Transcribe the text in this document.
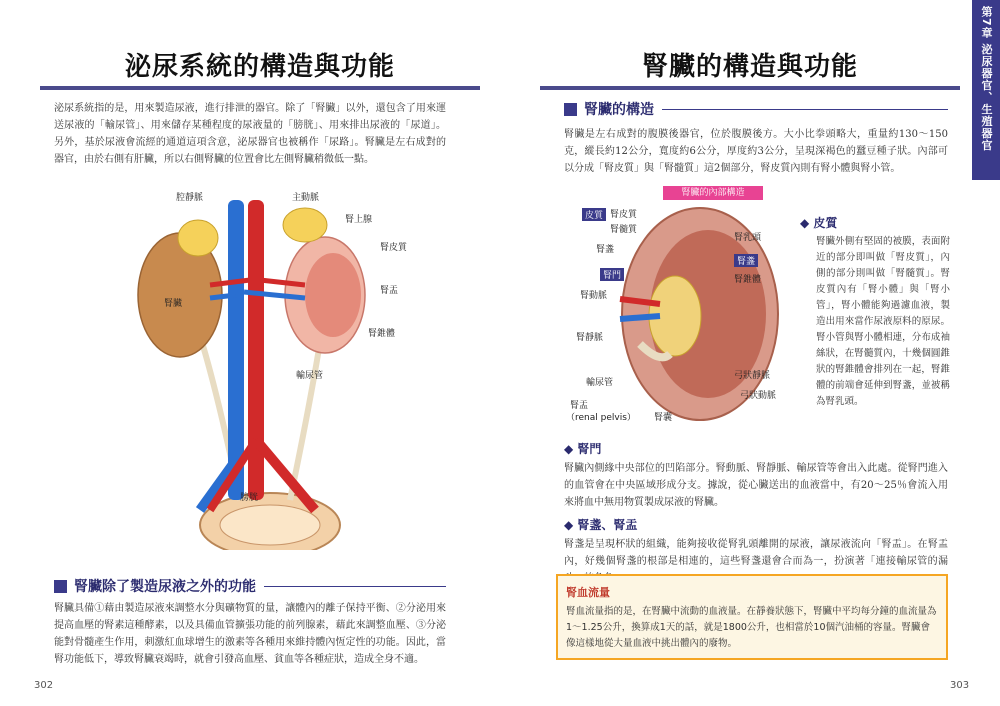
泌尿系統的構造與功能
泌尿系統指的是，用來製造尿液，進行排泄的器官。除了「腎臟」以外，還包含了用來運送尿液的「輸尿管」、用來儲存某種程度的尿液量的「膀胱」、用來排出尿液的「尿道」。另外，基於尿液會流經的通道這項含意，泌尿器官也被稱作「尿路」。腎臟是左右成對的器官，由於右側有肝臟，所以右側腎臟的位置會比左側腎臟稍微低一點。
腔靜脈	主動脈
腎上腺
腎皮質
腎盂
腎錐體
腎臟
輸尿管
膀胱
腎臟除了製造尿液之外的功能
腎臟具備①藉由製造尿液來調整水分與礦物質的量，讓體內的離子保持平衡、②分泌用來提高血壓的腎素這種酵素，以及具備血管擴張功能的前列腺素，藉此來調整血壓、③分泌能對骨髓產生作用，刺激紅血球增生的激素等各種用來維持體內恆定性的功能。因此，當腎功能低下，導致腎臟衰竭時，就會引發高血壓、貧血等各種症狀，造成全身不適。
302
第7章 泌尿器官、生殖器官
腎臟的構造與功能
腎臟的構造
腎臟是左右成對的腹膜後器官，位於腹膜後方。大小比拳頭略大，重量約130～150克，縱長約12公分，寬度約6公分，厚度約3公分，呈現深褐色的蠶豆種子狀。內部可以分成「腎皮質」與「腎髓質」這2個部分，腎皮質內則有腎小體與腎小管。
腎臟的內部構造
皮質 腎皮質
腎髓質
腎乳頭
腎盞
腎盞
腎錐體
腎門
腎動脈
腎靜脈
輸尿管
弓狀靜脈
弓狀動脈
腎盂
（renal pelvis） 腎囊
◆ 皮質
腎臟外側有堅固的被膜，表面附近的部分即叫做「腎皮質」，內側的部分則叫做「腎髓質」。腎皮質內有「腎小體」與「腎小管」，腎小體能夠過濾血液，製造出用來當作尿液原料的原尿。腎小管與腎小體相連，分布成袖絲狀，在腎髓質內，十幾個圓錐狀的腎錐體會排列在一起，腎錐體的前端會延伸到腎盞，並被稱為腎乳頭。
◆ 腎門
腎臟內側緣中央部位的凹陷部分。腎動脈、腎靜脈、輸尿管等會出入此處。從腎門進入的血管會在中央區域形成分支。據說，從心臟送出的血液當中，有20～25％會流入用來將血中無用物質製成尿液的腎臟。
◆ 腎盞、腎盂
腎盞是呈現杯狀的組織，能夠接收從腎乳頭離開的尿液，讓尿液流向「腎盂」。在腎盂內，好幾個腎盞的根部是相連的，這些腎盞還會合而為一，扮演著「連接輸尿管的漏
腎血流量
腎血流量指的是，在腎臟中流動的血液量。在靜養狀態下，腎臟中平均每分鐘的血流量為1～1.25公升，換算成1天的話，就是1800公升，也相當於10個汽油桶的容量。腎臟會像這樣地從大量血液中挑出體內的廢物。
303
